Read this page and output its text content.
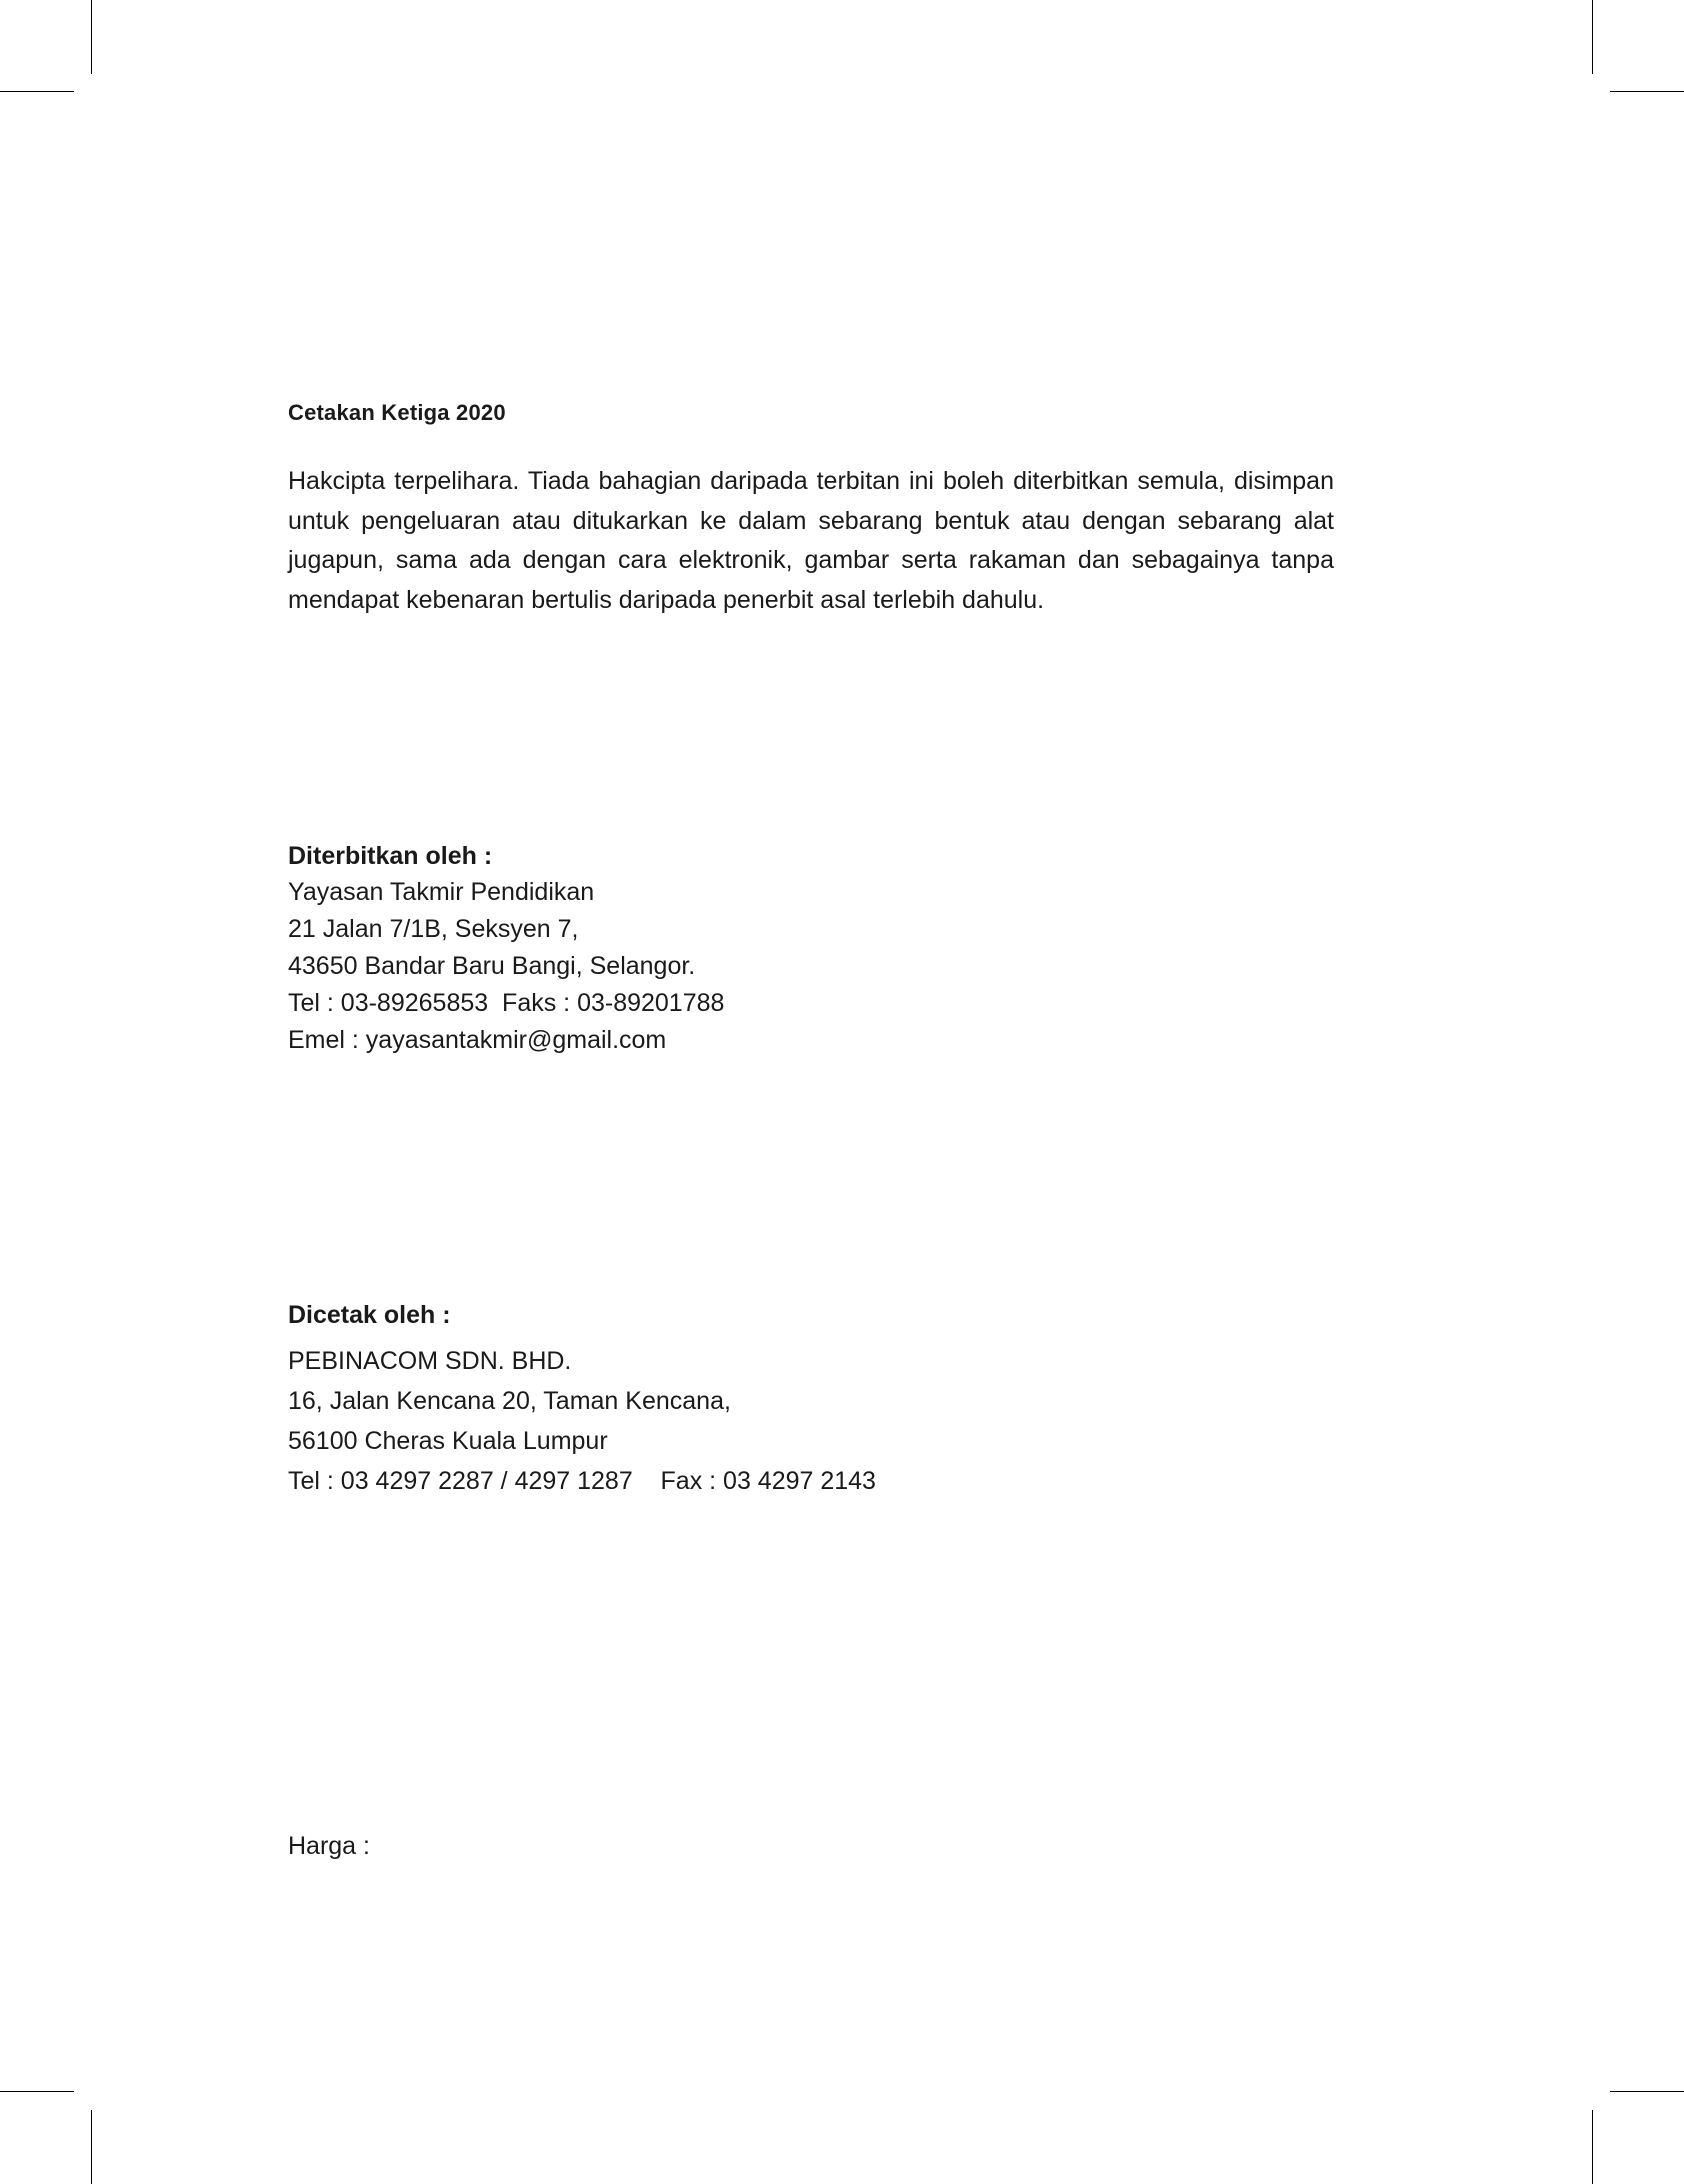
Cetakan Ketiga 2020
Hakcipta terpelihara. Tiada bahagian daripada terbitan ini boleh diterbitkan semula, disimpan untuk pengeluaran atau ditukarkan ke dalam sebarang bentuk atau dengan sebarang alat jugapun, sama ada dengan cara elektronik, gambar serta rakaman dan sebagainya tanpa mendapat kebenaran bertulis daripada penerbit asal terlebih dahulu.

Diterbitkan oleh :

Yayasan Takmir Pendidikan

21 Jalan 7/1B, Seksyen 7,

43650 Bandar Baru Bangi, Selangor.

Tel : 03-89265853  Faks : 03-89201788

Emel : yayasantakmir@gmail.com

Dicetak oleh :

PEBINACOM SDN. BHD.

16, Jalan Kencana 20, Taman Kencana,

56100 Cheras Kuala Lumpur

Tel : 03 4297 2287 / 4297 1287    Fax : 03 4297 2143

Harga :
